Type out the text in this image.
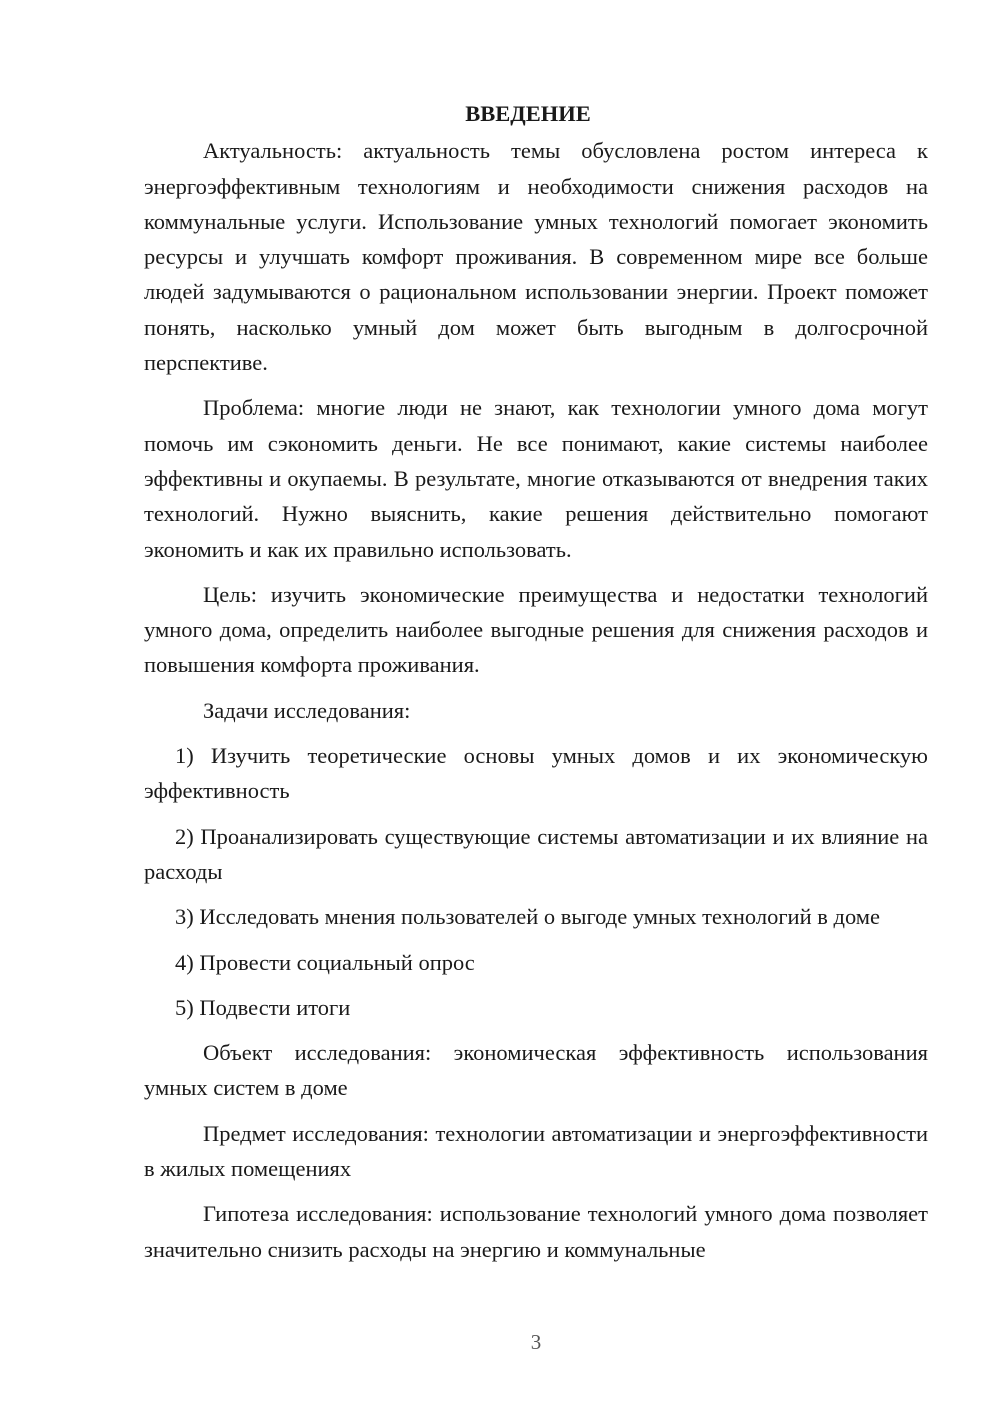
ВВЕДЕНИЕ

Актуальность: актуальность темы обусловлена ростом интереса к энергоэффективным технологиям и необходимости снижения расходов на коммунальные услуги. Использование умных технологий помогает экономить ресурсы и улучшать комфорт проживания. В современном мире все больше людей задумываются о рациональном использовании энергии. Проект поможет понять, насколько умный дом может быть выгодным в долгосрочной перспективе.

Проблема: многие люди не знают, как технологии умного дома могут помочь им сэкономить деньги. Не все понимают, какие системы наиболее эффективны и окупаемы. В результате, многие отказываются от внедрения таких технологий. Нужно выяснить, какие решения действительно помогают экономить и как их правильно использовать.

Цель: изучить экономические преимущества и недостатки технологий умного дома, определить наиболее выгодные решения для снижения расходов и повышения комфорта проживания.

Задачи исследования:

1) Изучить теоретические основы умных домов и их экономическую эффективность

2) Проанализировать существующие системы автоматизации и их влияние на расходы

3) Исследовать мнения пользователей о выгоде умных технологий в доме

4) Провести социальный опрос

5) Подвести итоги

Объект исследования: экономическая эффективность использования умных систем в доме

Предмет исследования: технологии автоматизации и энергоэффективности в жилых помещениях

Гипотеза исследования: использование технологий умного дома позволяет значительно снизить расходы на энергию и коммунальные

3
